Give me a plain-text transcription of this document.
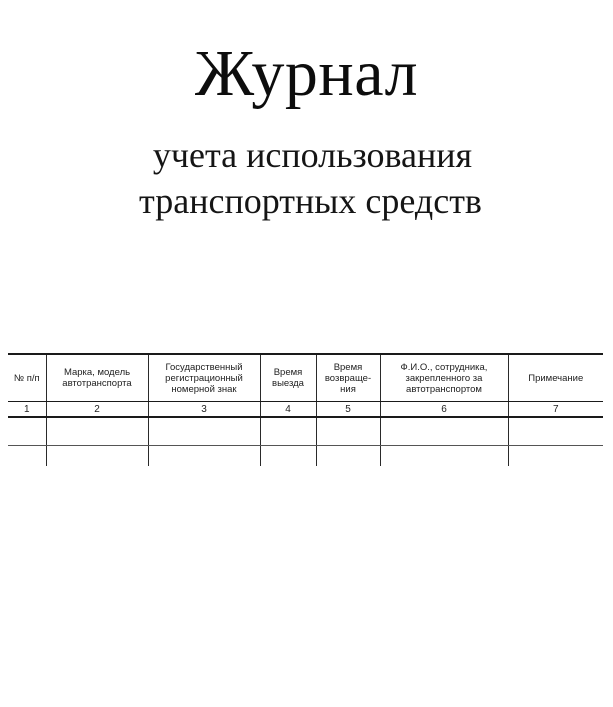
Журнал
учета использования
транспортных средств
№ п/п	Марка, модель автотранспорта	Государственный регистрационный номерной знак	Время выезда	Время возвраще-ния	Ф.И.О., сотрудника, закрепленного за автотранспортом	Примечание
1	2	3	4	5	6	7
